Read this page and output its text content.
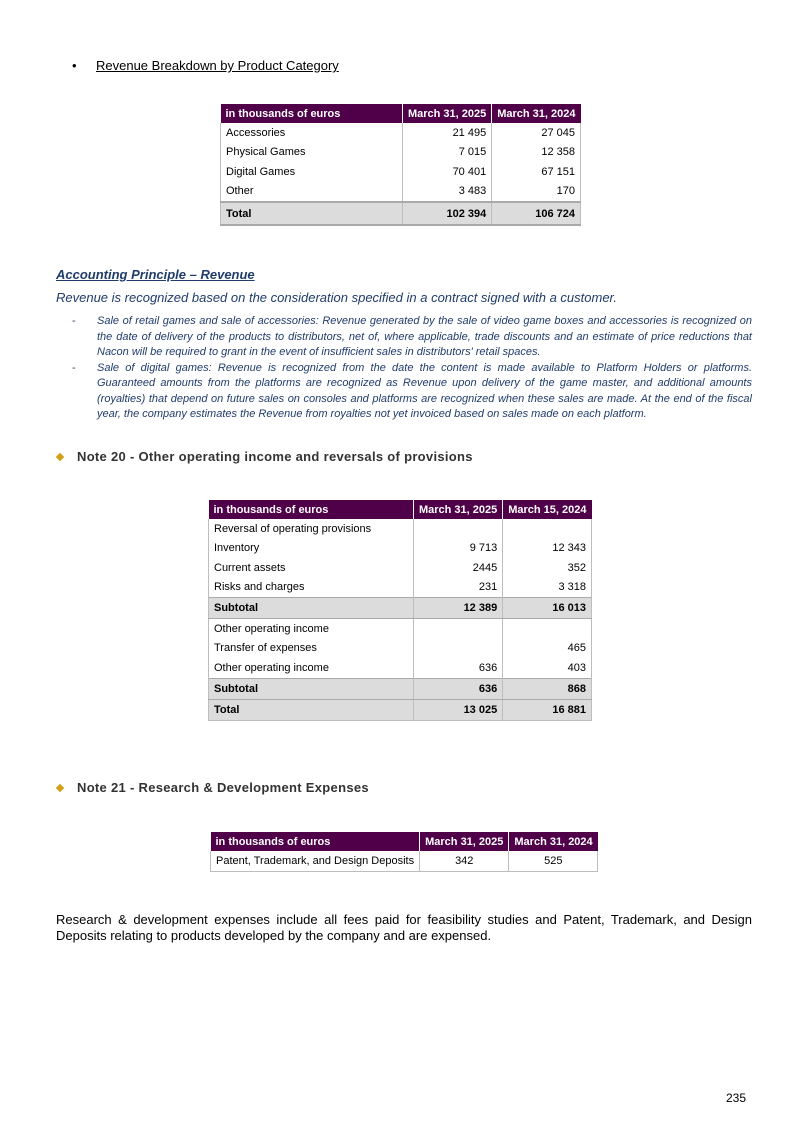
• Revenue Breakdown by Product Category
in thousands of euros	March 31, 2025	March 31, 2024
Accessories	21 495	27 045
Physical Games	7 015	12 358
Digital Games	70 401	67 151
Other	3 483	170
Total	102 394	106 724
Accounting Principle – Revenue
Revenue is recognized based on the consideration specified in a contract signed with a customer.
-	Sale of retail games and sale of accessories: Revenue generated by the sale of video game boxes and accessories is recognized on the date of delivery of the products to distributors, net of, where applicable, trade discounts and an estimate of price reductions that Nacon will be required to grant in the event of insufficient sales in distributors' retail spaces.
-	Sale of digital games: Revenue is recognized from the date the content is made available to Platform Holders or platforms. Guaranteed amounts from the platforms are recognized as Revenue upon delivery of the game master, and additional amounts (royalties) that depend on future sales on consoles and platforms are recognized when these sales are made. At the end of the fiscal year, the company estimates the Revenue from royalties not yet invoiced based on sales made on each platform.
Note 20 - Other operating income and reversals of provisions
in thousands of euros	March 31, 2025	March 15, 2024
Reversal of operating provisions		
Inventory	9 713	12 343
Current assets	2445	352
Risks and charges	231	3 318
Subtotal	12 389	16 013
Other operating income		
Transfer of expenses		465
Other operating income	636	403
Subtotal	636	868
Total	13 025	16 881
Note 21 - Research & Development Expenses
in thousands of euros	March 31, 2025	March 31, 2024
Patent, Trademark, and Design Deposits	342	525
Research & development expenses include all fees paid for feasibility studies and Patent, Trademark, and Design Deposits relating to products developed by the company and are expensed.
235
